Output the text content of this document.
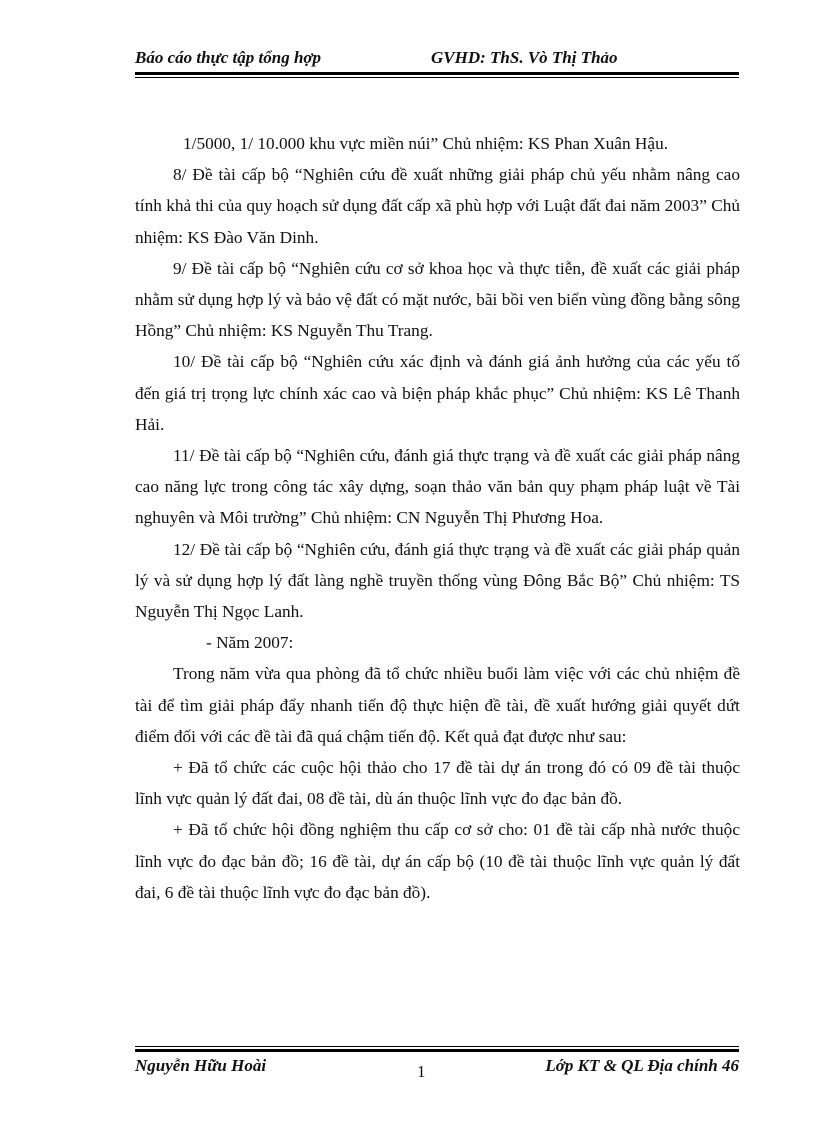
Báo cáo thực tập tổng hợp	GVHD: ThS. Vò Thị Thảo

1/5000, 1/ 10.000 khu vực miền núi” Chủ nhiệm: KS Phan Xuân Hậu.

8/ Đề tài cấp bộ “Nghiên cứu đề xuất những giải pháp chủ yếu nhằm nâng cao tính khả thi của quy hoạch sử dụng đất cấp xã phù hợp với Luật đất đai năm 2003” Chủ nhiệm: KS Đào Văn Dinh.

9/ Đề tài cấp bộ “Nghiên cứu cơ sở khoa học và thực tiễn, đề xuất các giải pháp nhằm sử dụng hợp lý và bảo vệ đất có mặt nước, bãi bồi ven biển vùng đồng bằng sông Hồng” Chủ nhiệm: KS Nguyễn Thu Trang.

10/ Đề tài cấp bộ “Nghiên cứu xác định và đánh giá ảnh hưởng của các yếu tố đến giá trị trọng lực chính xác cao và biện pháp khắc phục” Chủ nhiệm: KS Lê Thanh Hải.

11/ Đề tài cấp bộ “Nghiên cứu, đánh giá thực trạng và đề xuất các giải pháp nâng cao năng lực trong công tác xây dựng, soạn thảo văn bản quy phạm pháp luật về Tài nghuyên và Môi trường” Chủ nhiệm: CN Nguyễn Thị Phương Hoa.

12/ Đề tài cấp bộ “Nghiên cứu, đánh giá thực trạng và đề xuất các giải pháp quản lý và sử dụng hợp lý đất làng nghề truyền thống vùng Đông Bắc Bộ” Chủ nhiệm: TS Nguyễn Thị Ngọc Lanh.

- Năm 2007:

Trong năm vừa qua phòng đã tổ chức nhiều buổi làm việc với các chủ nhiệm đề tài để tìm giải pháp đẩy nhanh tiến độ thực hiện đề tài, đề xuất hướng giải quyết dứt điểm đối với các đề tài đã quá chậm tiến độ. Kết quả đạt được như sau:

+ Đã tổ chức các cuộc hội thảo cho 17 đề tài dự án trong đó có 09 đề tài thuộc lĩnh vực quản lý đất đai, 08 đề tài, dù án thuộc lĩnh vực đo đạc bản đồ.

+ Đã tổ chức hội đồng nghiệm thu cấp cơ sở cho: 01 đề tài cấp nhà nước thuộc lĩnh vực đo đạc bản đồ; 16 đề tài, dự án cấp bộ (10 đề tài thuộc lĩnh vực quản lý đất đai, 6 đề tài thuộc lĩnh vực đo đạc bản đồ).

Nguyễn Hữu Hoài	1	Lớp KT & QL Địa chính 46
